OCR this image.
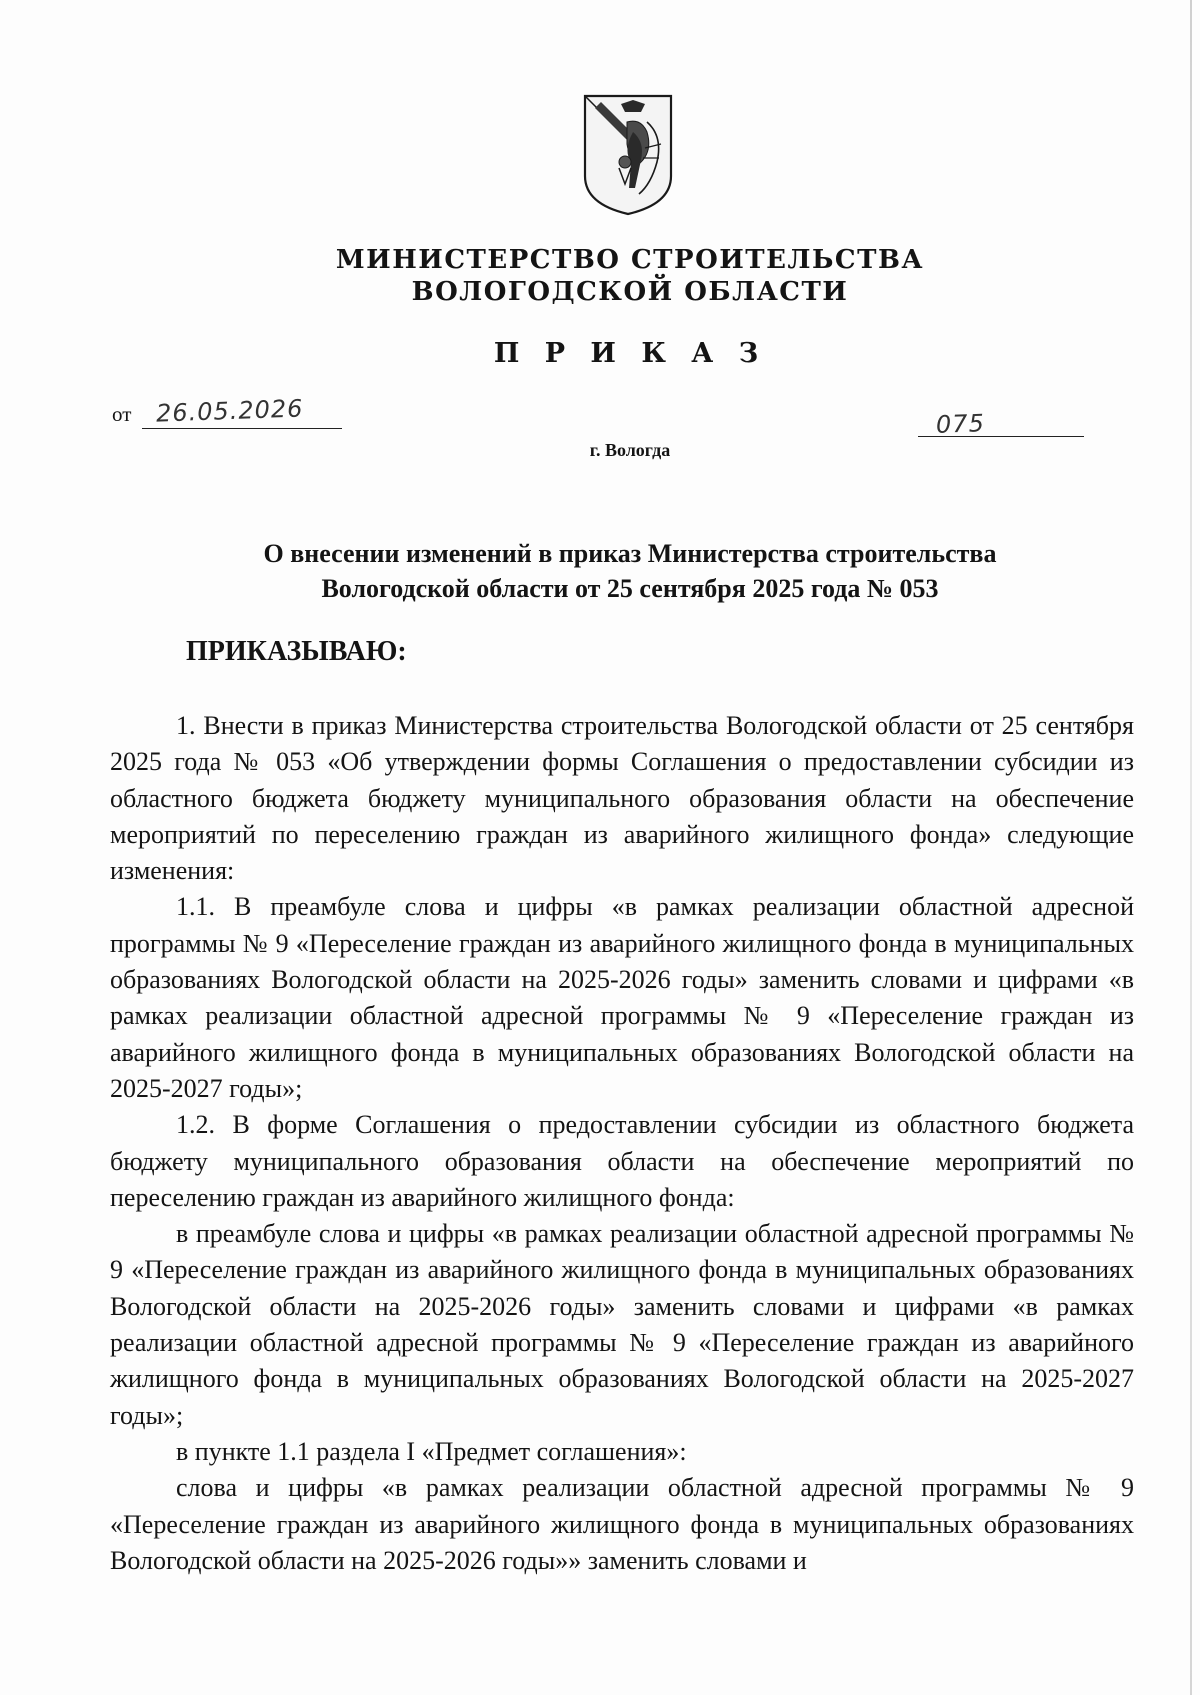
МИНИСТЕРСТВО СТРОИТЕЛЬСТВА
ВОЛОГОДСКОЙ ОБЛАСТИ
П Р И К А З
от 26.05.2026	075
г. Вологда
О внесении изменений в приказ Министерства строительства
Вологодской области от 25 сентября 2025 года № 053
ПРИКАЗЫВАЮ:

1. Внести в приказ Министерства строительства Вологодской области от 25 сентября 2025 года № 053 «Об утверждении формы Соглашения о предоставлении субсидии из областного бюджета бюджету муниципального образования области на обеспечение мероприятий по переселению граждан из аварийного жилищного фонда» следующие изменения:

1.1. В преамбуле слова и цифры «в рамках реализации областной адресной программы № 9 «Переселение граждан из аварийного жилищного фонда в муниципальных образованиях Вологодской области на 2025-2026 годы» заменить словами и цифрами «в рамках реализации областной адресной программы № 9 «Переселение граждан из аварийного жилищного фонда в муниципальных образованиях Вологодской области на 2025-2027 годы»;

1.2. В форме Соглашения о предоставлении субсидии из областного бюджета бюджету муниципального образования области на обеспечение мероприятий по переселению граждан из аварийного жилищного фонда:

в преамбуле слова и цифры «в рамках реализации областной адресной программы № 9 «Переселение граждан из аварийного жилищного фонда в муниципальных образованиях Вологодской области на 2025-2026 годы» заменить словами и цифрами «в рамках реализации областной адресной программы № 9 «Переселение граждан из аварийного жилищного фонда в муниципальных образованиях Вологодской области на 2025-2027 годы»;

в пункте 1.1 раздела I «Предмет соглашения»:

слова и цифры «в рамках реализации областной адресной программы № 9 «Переселение граждан из аварийного жилищного фонда в муниципальных образованиях Вологодской области на 2025-2026 годы»» заменить словами и
